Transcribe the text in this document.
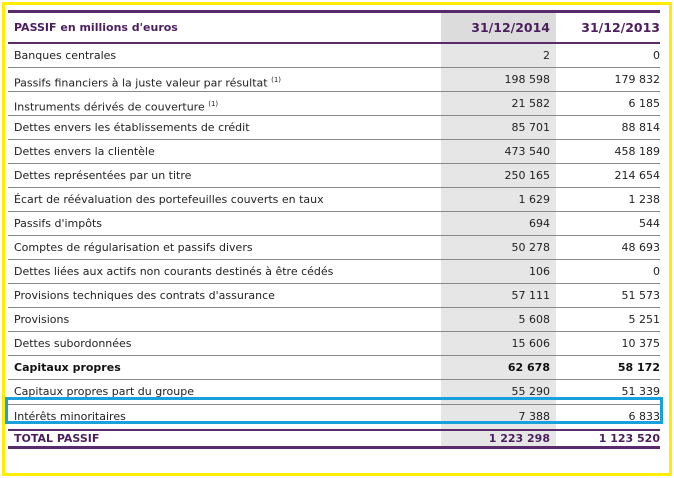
PASSIF en millions d'euros	31/12/2014	31/12/2013
Banques centrales	2	0
Passifs financiers à la juste valeur par résultat $^{(1)}$	198 598	179 832
Instruments dérivés de couverture $^{(1)}$	21 582	6 185
Dettes envers les établissements de crédit	85 701	88 814
Dettes envers la clientèle	473 540	458 189
Dettes représentées par un titre	250 165	214 654
Écart de réévaluation des portefeuilles couverts en taux	1 629	1 238
Passifs d'impôts	694	544
Comptes de régularisation et passifs divers	50 278	48 693
Dettes liées aux actifs non courants destinés à être cédés	106	0
Provisions techniques des contrats d'assurance	57 111	51 573
Provisions	5 608	5 251
Dettes subordonnées	15 606	10 375
Capitaux propres	62 678	58 172
Capitaux propres part du groupe	55 290	51 339
Intérêts minoritaires	7 388	6 833
TOTAL PASSIF	1 223 298	1 123 520
